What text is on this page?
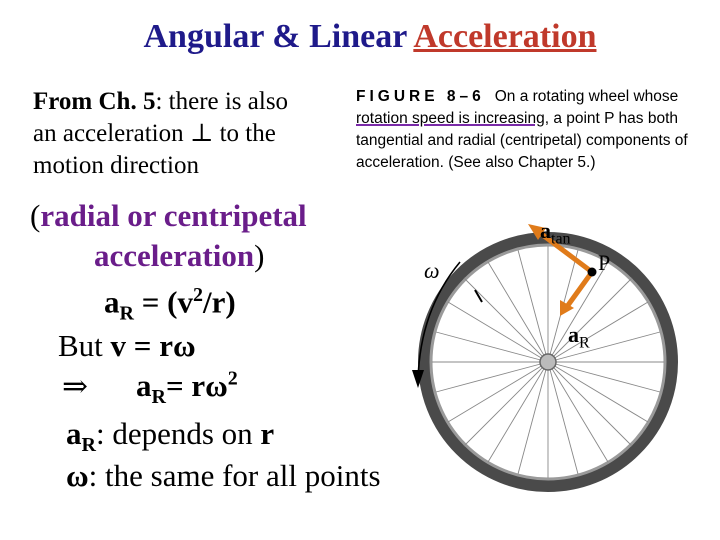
Angular & Linear Acceleration
From Ch. 5: there is also
an acceleration ⊥ to the
motion direction
(radial or centripetal
acceleration)
$a_R = (v^2/r)$
But v = rω
⇒ $a_R= r\omega^2$
$a_R$: depends on r
ω: the same for all points
FIGURE 8–6 On a rotating wheel whose rotation speed is increasing, a point P has both tangential and radial (centripetal) components of acceleration. (See also Chapter 5.)
$a_{tan}$
P
$a_R$
ω
